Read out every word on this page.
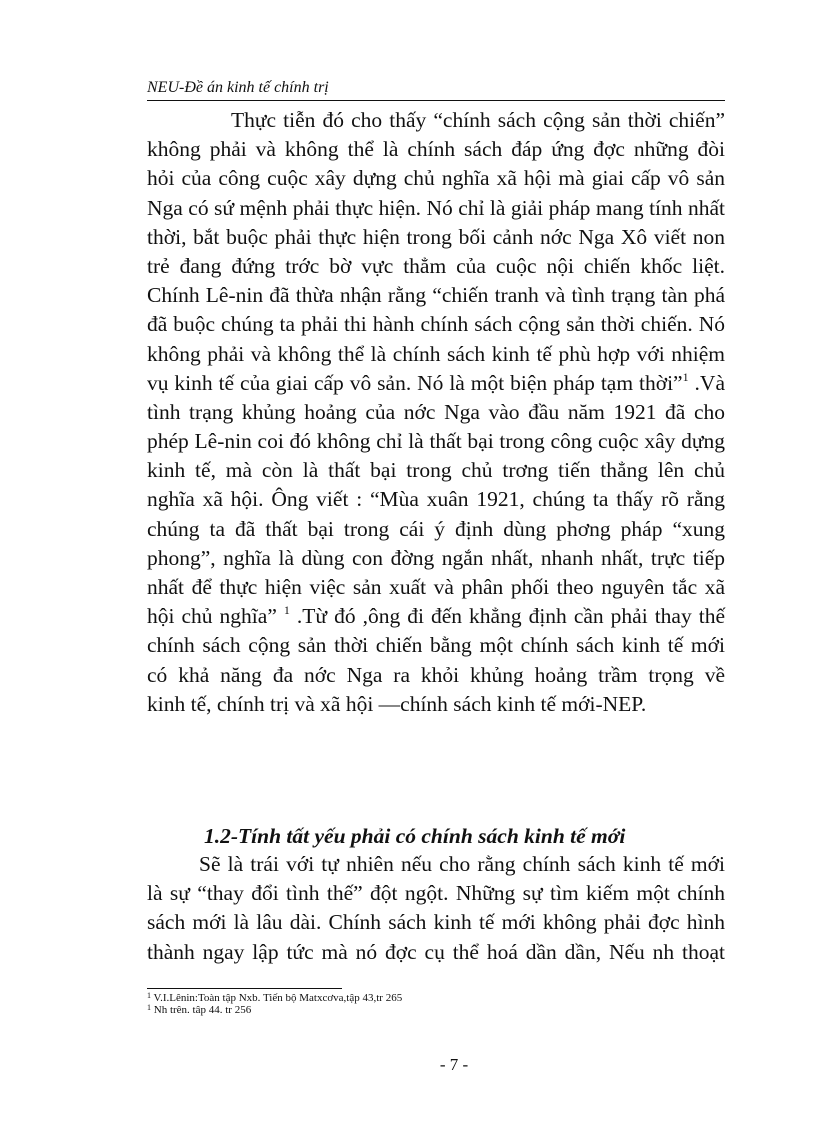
NEU-Đề án kinh tế chính trị
Thực tiễn đó cho thấy “chính sách cộng sản thời chiến”
không phải và không thể là chính sách đáp ứng đợc những đòi
hỏi của công cuộc xây dựng chủ nghĩa xã hội mà giai cấp vô sản
Nga có sứ mệnh phải thực hiện. Nó chỉ là giải pháp mang tính nhất
thời, bắt buộc phải thực hiện trong bối cảnh nớc Nga Xô viết non
trẻ đang đứng trớc bờ vực thẳm của cuộc nội chiến khốc liệt.
Chính Lê-nin đã thừa nhận rằng “chiến tranh và tình trạng tàn phá
đã buộc chúng ta phải thi hành chính sách cộng sản thời chiến. Nó
không phải và không thể là chính sách kinh tế phù hợp với nhiệm
vụ kinh tế của giai cấp vô sản. Nó là một biện pháp tạm thời”$^1$ .Và
tình trạng khủng hoảng của nớc Nga vào đầu năm 1921 đã cho
phép Lê-nin coi đó không chỉ là thất bại trong công cuộc xây dựng
kinh tế, mà còn là thất bại trong chủ trơng tiến thẳng lên chủ
nghĩa xã hội. Ông viết : “Mùa xuân 1921, chúng ta thấy rõ rằng
chúng ta đã thất bại trong cái ý định dùng phơng pháp “xung
phong”, nghĩa là dùng con đờng ngắn nhất, nhanh nhất, trực tiếp
nhất để thực hiện việc sản xuất và phân phối theo nguyên tắc xã
hội chủ nghĩa” $^1$ .Từ đó ,ông đi đến khẳng định cần phải thay thế
chính sách cộng sản thời chiến bằng một chính sách kinh tế mới
có khả năng đa nớc Nga ra khỏi khủng hoảng trầm trọng về
kinh tế, chính trị và xã hội —chính sách kinh tế mới-NEP.
1.2-Tính tất yếu phải có chính sách kinh tế mới
Sẽ là trái với tự nhiên nếu cho rằng chính sách kinh tế mới
là sự “thay đổi tình thế” đột ngột. Những sự tìm kiếm một chính
sách mới là lâu dài. Chính sách kinh tế mới không phải đợc hình
thành ngay lập tức mà nó đợc cụ thể hoá dần dần, Nếu nh thoạt
$^1$ V.I.Lênin:Toàn tập Nxb. Tiến bộ Matxcơva,tập 43,tr 265
$^1$ Nh trên. tâp 44. tr 256
- 7 -
